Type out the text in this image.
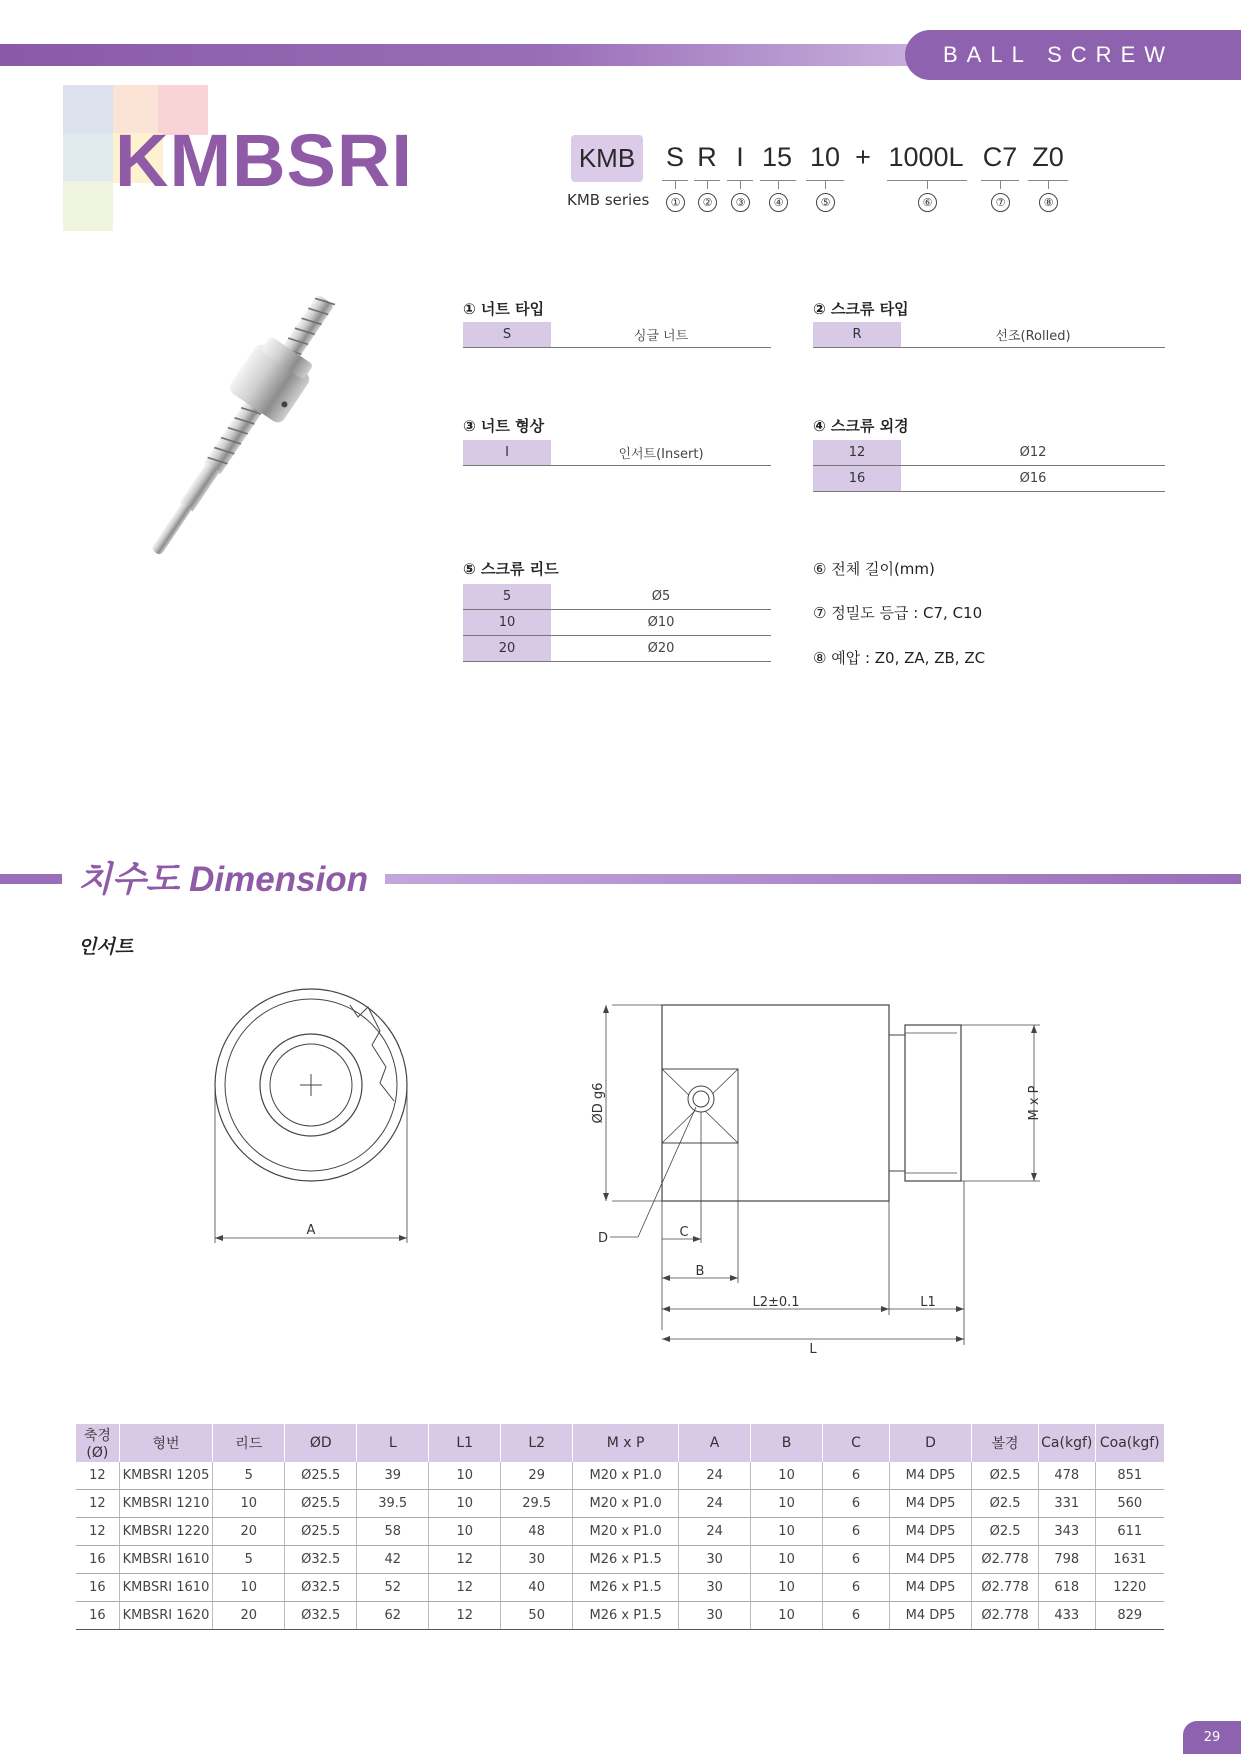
BALL SCREW
KMBSRI	KMB S R I 15 10 + 1000L C7 Z0
KMB series	①	②	③	④	⑤	⑥	⑦	⑧
① 너트 타입
S	싱글 너트
② 스크류 타입
R	선조(Rolled)
③ 너트 형상
I	인서트(Insert)
④ 스크류 외경
12	Ø12
16	Ø16
⑤ 스크류 리드
5	Ø5
10	Ø10
20	Ø20
⑥ 전체 길이(mm)
⑦ 정밀도 등급 : C7, C10
⑧ 예압 : Z0, ZA, ZB, ZC
치수도 Dimension
인서트
A
D
ØD g6	M x P
C
B
L2±0.1	L1
L
축경(Ø)	형번	리드	ØD	L	L1	L2	M x P	A	B	C	D	볼경	Ca(kgf)	Coa(kgf)
12	KMBSRI 1205	5	Ø25.5	39	10	29	M20 x P1.0	24	10	6	M4 DP5	Ø2.5	478	851
12	KMBSRI 1210	10	Ø25.5	39.5	10	29.5	M20 x P1.0	24	10	6	M4 DP5	Ø2.5	331	560
12	KMBSRI 1220	20	Ø25.5	58	10	48	M20 x P1.0	24	10	6	M4 DP5	Ø2.5	343	611
16	KMBSRI 1610	5	Ø32.5	42	12	30	M26 x P1.5	30	10	6	M4 DP5	Ø2.778	798	1631
16	KMBSRI 1610	10	Ø32.5	52	12	40	M26 x P1.5	30	10	6	M4 DP5	Ø2.778	618	1220
16	KMBSRI 1620	20	Ø32.5	62	12	50	M26 x P1.5	30	10	6	M4 DP5	Ø2.778	433	829
29
